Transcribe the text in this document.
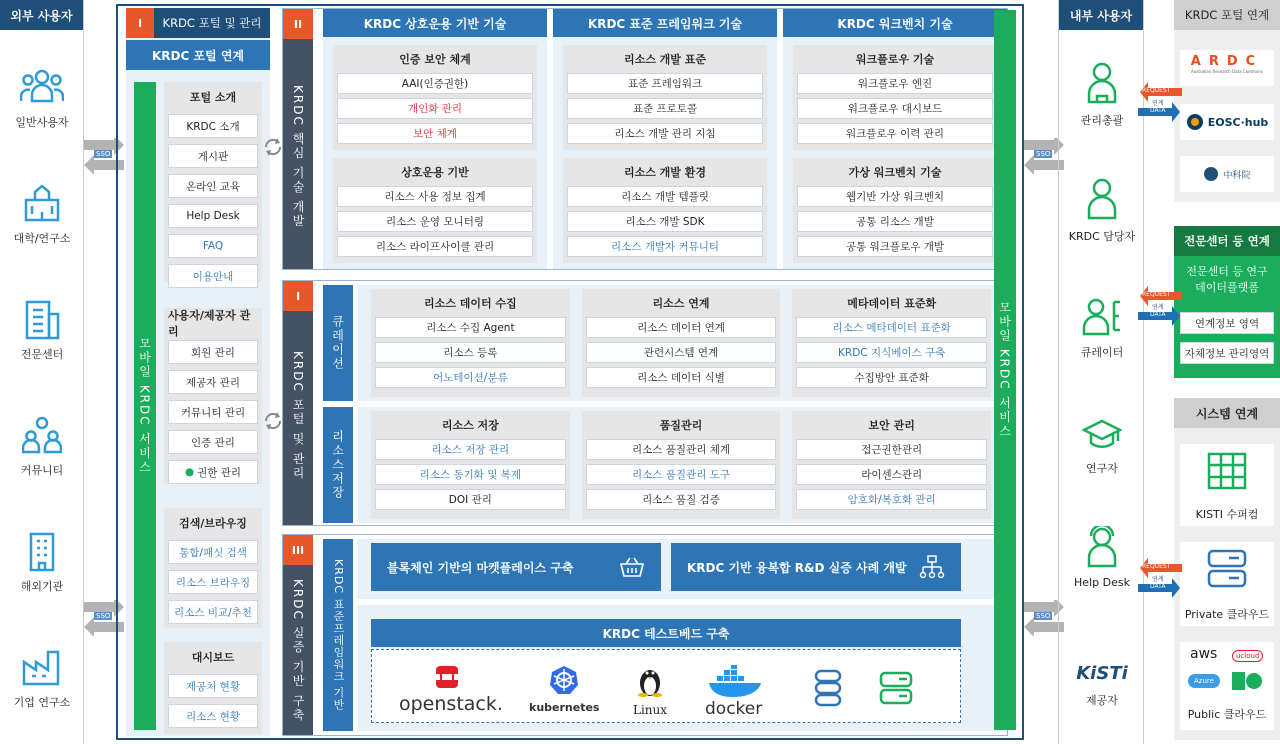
외부 사용자
일반사용자
대학/연구소
전문센터
커뮤니티
해외기관
기업 연구소
SSO
SSO
I	KRDC 포털 및 관리
KRDC 포털 연계
모바일 KRDC 서비스
포털 소개
KRDC 소개
게시판
온라인 교육
Help Desk
FAQ
이용안내
사용자/제공자 관리
회원 관리
제공자 관리
커뮤니티 관리
인증 관리
● 권한 관리
검색/브라우징
통합/패싯 검색
리소스 브라우징
리소스 비교/추천
대시보드
제공처 현황
리소스 현황
II
KRDC 핵심 기술 개발
KRDC 상호운용 기반 기술
인증 보안 체계
AAI(인증권한)
개인화 관리
보안 체계
상호운용 기반
리소스 사용 정보 집계
리소스 운영 모니터링
리소스 라이프사이클 관리
KRDC 표준 프레임워크 기술
리소스 개발 표준
표준 프레임워크
표준 프로토콜
리소스 개발 관리 지침
리소스 개발 환경
리소스 개발 템플릿
리소스 개발 SDK
리소스 개발자 커뮤니티
KRDC 워크벤치 기술
워크플로우 기술
워크플로우 엔진
워크플로우 대시보드
워크플로우 이력 관리
가상 워크벤치 기술
웹기반 가상 워크벤치
공통 리소스 개발
공통 워크플로우 개발
I
KRDC 포털 및 관리
큐레이션
리소스저장
리소스 데이터 수집
리소스 수집 Agent
리소스 등록
어노테이션/분류
리소스 연계
리소스 데이터 연계
관련시스템 연계
리소스 데이터 식별
메타데이터 표준화
리소스 메타데이터 표준화
KRDC 지식베이스 구축
수집방안 표준화
리소스 저장
리소스 저장 관리
리소스 동기화 및 복제
DOI 관리
품질관리
리소스 품질관리 체계
리소스 품질관리 도구
리소스 품질 검증
보안 관리
접근권한관리
라이센스관리
암호화/복호화 관리
III
KRDC 실증 기반 구축 KRDC 표준프레임워크 기반	블록체인 기반의 마켓플레이스 구축	KRDC 기반 융복합 R&D 실증 사례 개발
KRDC 테스트베드 구축
openstack. kubernetes	Linux docker
모바일 KRDC 서비스
SSO
SSO
내부 사용자
관리총괄
KRDC 담당자
큐레이터
연구자
Help Desk
KiSTi
제공자
KRDC 포털 연계
ARDC
Australian Research Data Commons
EOSC·hub
中科院
전문센터 등 연계
전문센터 등 연구데이터플랫폼
연계정보 영역
자체정보 관리영역
시스템 연계
KISTI 수퍼컴
Private 클라우드
aws	ucloud
Azure
Public 클라우드
REQUEST
연계
DATA
REQUEST
연계
DATA
REQUEST
연계
DATA
